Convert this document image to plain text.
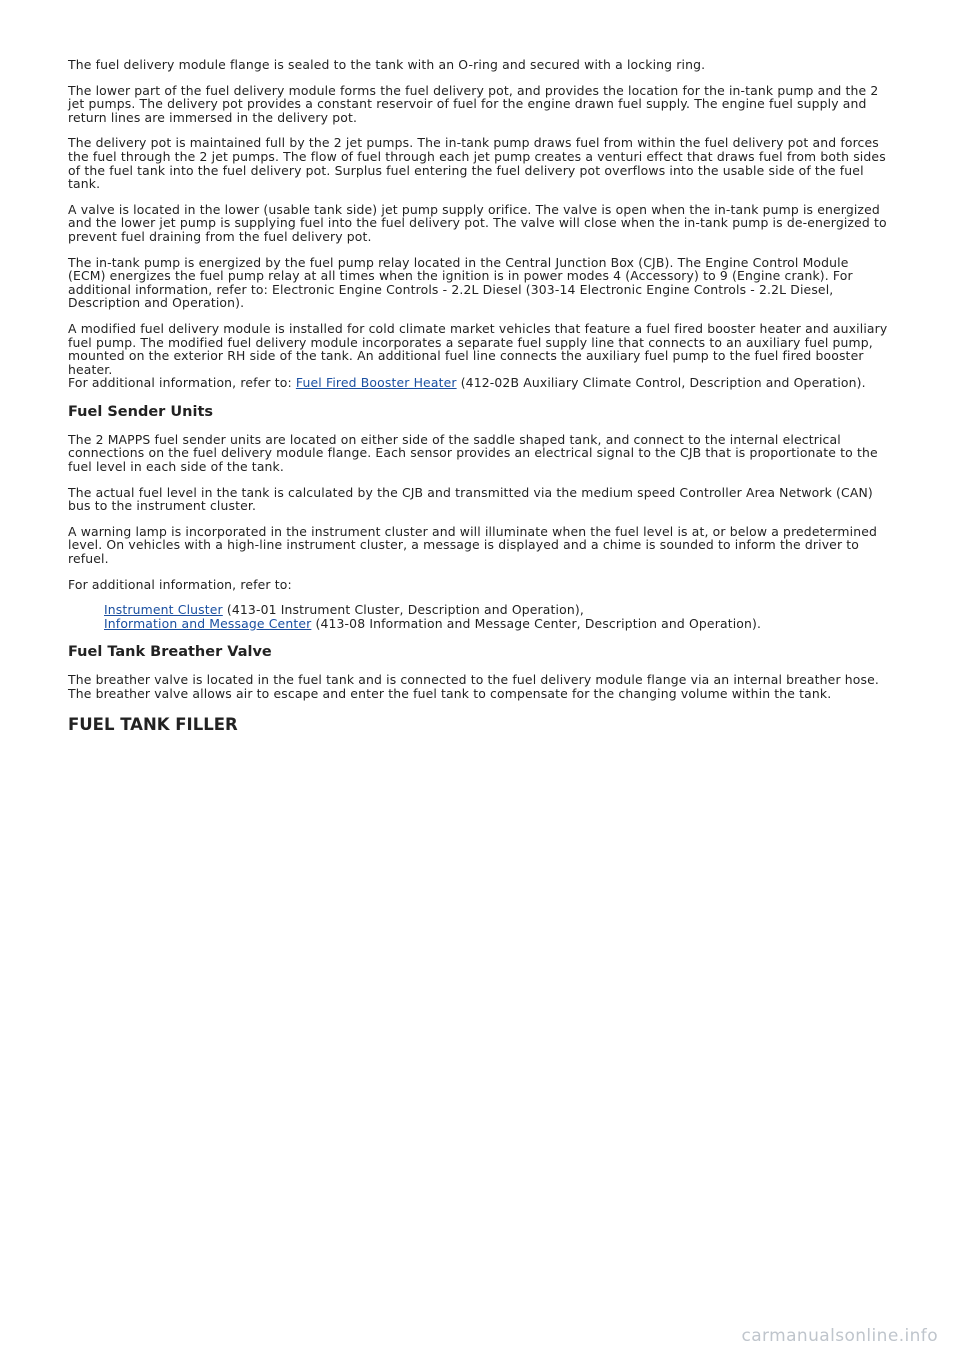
The fuel delivery module flange is sealed to the tank with an O-ring and secured with a locking ring.

The lower part of the fuel delivery module forms the fuel delivery pot, and provides the location for the in-tank pump and the 2 jet pumps. The delivery pot provides a constant reservoir of fuel for the engine drawn fuel supply. The engine fuel supply and return lines are immersed in the delivery pot.

The delivery pot is maintained full by the 2 jet pumps. The in-tank pump draws fuel from within the fuel delivery pot and forces the fuel through the 2 jet pumps. The flow of fuel through each jet pump creates a venturi effect that draws fuel from both sides of the fuel tank into the fuel delivery pot. Surplus fuel entering the fuel delivery pot overflows into the usable side of the fuel tank.

A valve is located in the lower (usable tank side) jet pump supply orifice. The valve is open when the in-tank pump is energized and the lower jet pump is supplying fuel into the fuel delivery pot. The valve will close when the in-tank pump is de-energized to prevent fuel draining from the fuel delivery pot.

The in-tank pump is energized by the fuel pump relay located in the Central Junction Box (CJB). The Engine Control Module (ECM) energizes the fuel pump relay at all times when the ignition is in power modes 4 (Accessory) to 9 (Engine crank). For additional information, refer to: Electronic Engine Controls - 2.2L Diesel (303-14 Electronic Engine Controls - 2.2L Diesel, Description and Operation).

A modified fuel delivery module is installed for cold climate market vehicles that feature a fuel fired booster heater and auxiliary fuel pump. The modified fuel delivery module incorporates a separate fuel supply line that connects to an auxiliary fuel pump, mounted on the exterior RH side of the tank. An additional fuel line connects the auxiliary fuel pump to the fuel fired booster heater.
For additional information, refer to: Fuel Fired Booster Heater (412-02B Auxiliary Climate Control, Description and Operation).

Fuel Sender Units

The 2 MAPPS fuel sender units are located on either side of the saddle shaped tank, and connect to the internal electrical connections on the fuel delivery module flange. Each sensor provides an electrical signal to the CJB that is proportionate to the fuel level in each side of the tank.

The actual fuel level in the tank is calculated by the CJB and transmitted via the medium speed Controller Area Network (CAN) bus to the instrument cluster.

A warning lamp is incorporated in the instrument cluster and will illuminate when the fuel level is at, or below a predetermined level. On vehicles with a high-line instrument cluster, a message is displayed and a chime is sounded to inform the driver to refuel.

For additional information, refer to:

Instrument Cluster (413-01 Instrument Cluster, Description and Operation),
Information and Message Center (413-08 Information and Message Center, Description and Operation).
Fuel Tank Breather Valve

The breather valve is located in the fuel tank and is connected to the fuel delivery module flange via an internal breather hose. The breather valve allows air to escape and enter the fuel tank to compensate for the changing volume within the tank.

FUEL TANK FILLER
carmanualsonline.info
